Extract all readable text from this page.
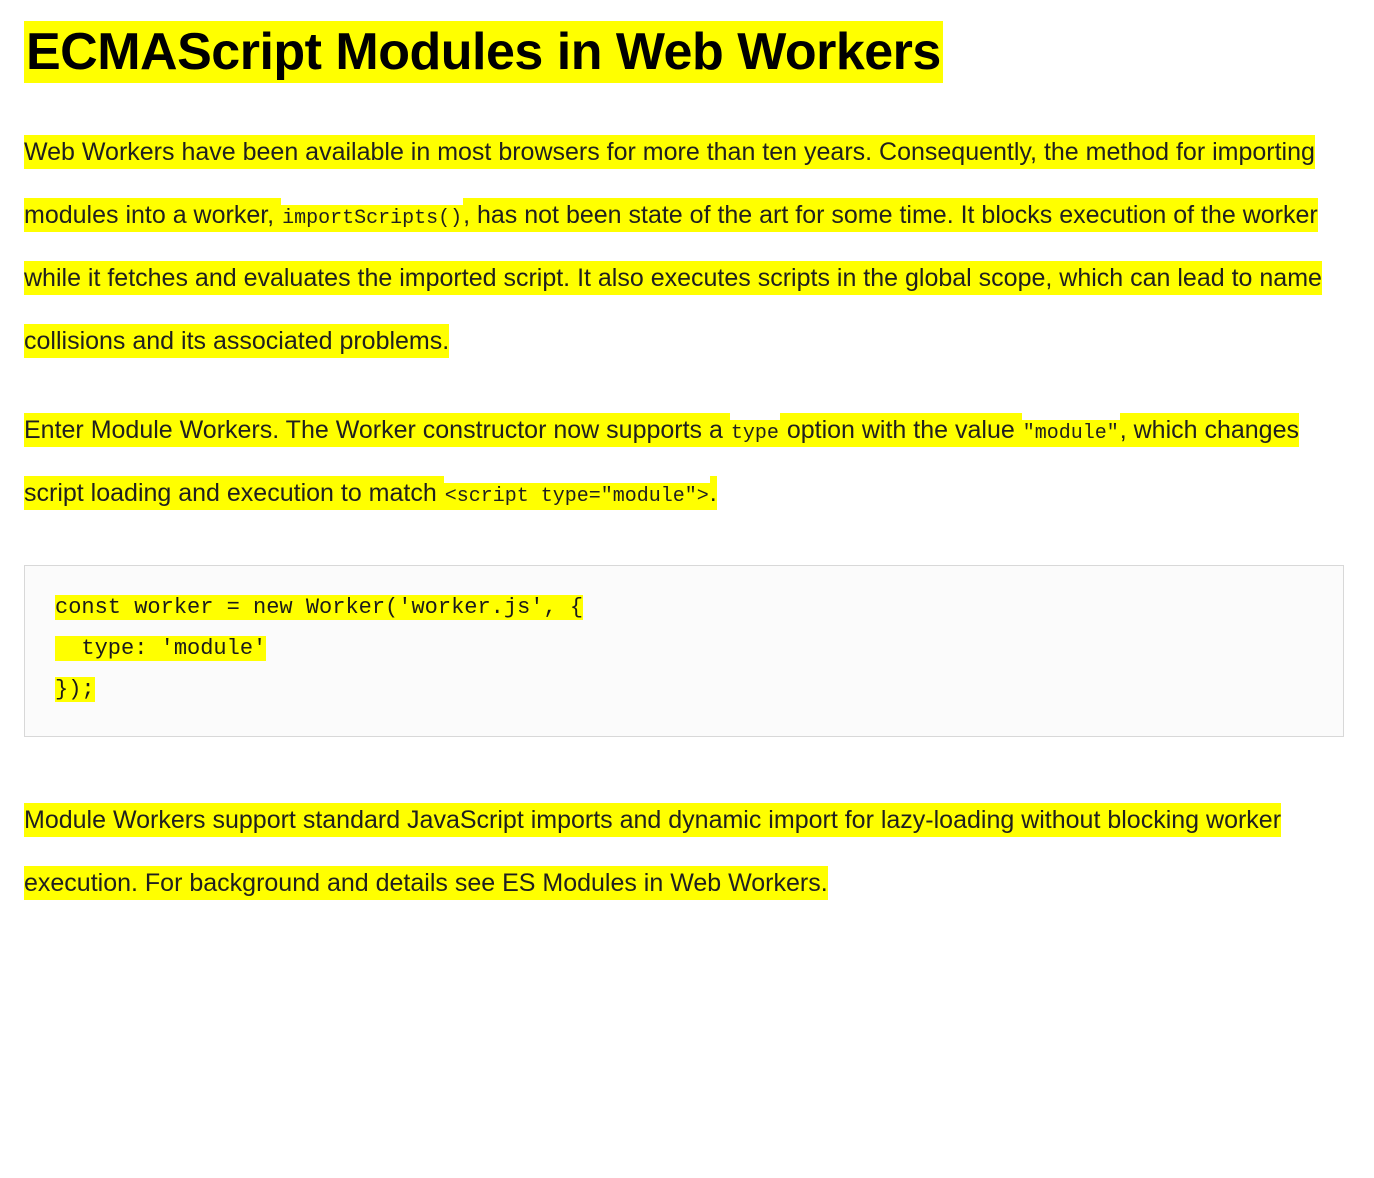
ECMAScript Modules in Web Workers

Web Workers have been available in most browsers for more than ten years. Consequently, the method for importing modules into a worker, importScripts(), has not been state of the art for some time. It blocks execution of the worker while it fetches and evaluates the imported script. It also executes scripts in the global scope, which can lead to name collisions and its associated problems.

Enter Module Workers. The Worker constructor now supports a type option with the value "module", which changes script loading and execution to match <script type="module">.

const worker = new Worker('worker.js', {
type: 'module'
});

Module Workers support standard JavaScript imports and dynamic import for lazy-loading without blocking worker execution. For background and details see ES Modules in Web Workers.
